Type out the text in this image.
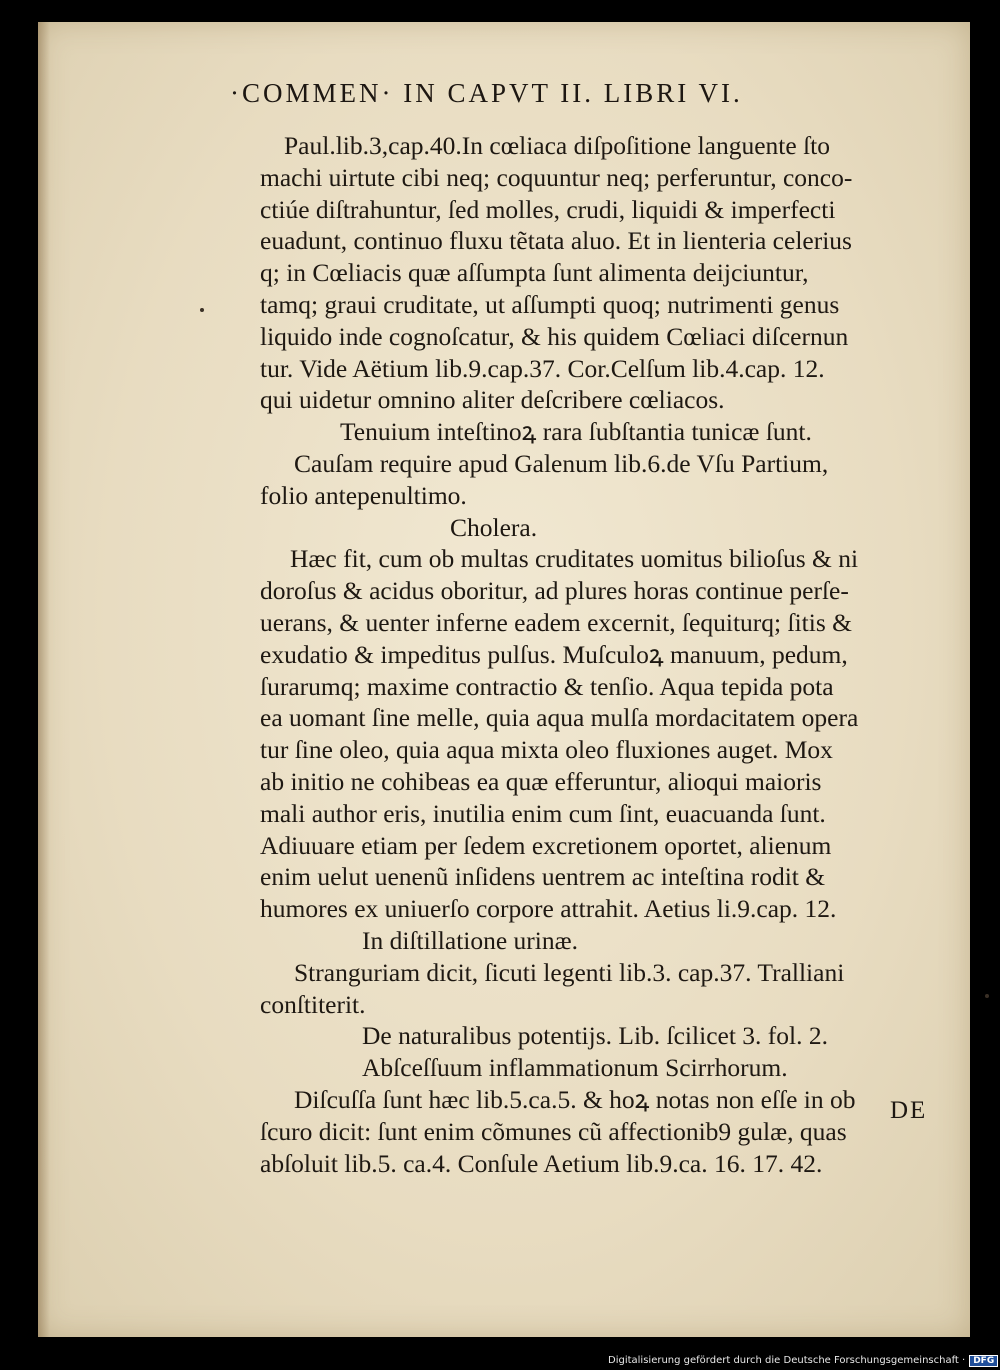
·COMMEN· IN CAPVT II. LIBRI VI.
Paul.lib.3,cap.40.In cœliaca diſpoſitione languente ſto
machi uirtute cibi neq; coquuntur neq; perferuntur, conco-
ctiúe diſtrahuntur, ſed molles, crudi, liquidi & imperfecti
euadunt, continuo fluxu tẽtata aluo. Et in lienteria celerius
q; in Cœliacis quæ aſſumpta ſunt alimenta deijciuntur,
tamq; graui cruditate, ut aſſumpti quoq; nutrimenti genus
liquido inde cognoſcatur, & his quidem Cœliaci diſcernun
tur. Vide Aëtium lib.9.cap.37. Cor.Celſum lib.4.cap. 12.
qui uidetur omnino aliter deſcribere cœliacos.
Tenuium inteſtinoꝝ rara ſubſtantia tunicæ ſunt.
Cauſam require apud Galenum lib.6.de Vſu Partium,
folio antepenultimo.
Cholera.
Hæc fit, cum ob multas cruditates uomitus bilioſus & ni
doroſus & acidus oboritur, ad plures horas continue perſe-
uerans, & uenter inferne eadem excernit, ſequiturq; ſitis &
exudatio & impeditus pulſus. Muſculoꝝ manuum, pedum,
ſurarumq; maxime contractio & tenſio. Aqua tepida pota
ea uomant ſine melle, quia aqua mulſa mordacitatem opera
tur ſine oleo, quia aqua mixta oleo fluxiones auget. Mox
ab initio ne cohibeas ea quæ efferuntur, alioqui maioris
mali author eris, inutilia enim cum ſint, euacuanda ſunt.
Adiuuare etiam per ſedem excretionem oportet, alienum
enim uelut uenenũ inſidens uentrem ac inteſtina rodit &
humores ex uniuerſo corpore attrahit. Aetius li.9.cap. 12.
In diſtillatione urinæ.
Stranguriam dicit, ſicuti legenti lib.3. cap.37. Tralliani
conſtiterit.
De naturalibus potentijs. Lib. ſcilicet 3. fol. 2.
Abſceſſuum inflammationum Scirrhorum.
Diſcuſſa ſunt hæc lib.5.ca.5. & hoꝝ notas non eſſe in ob
ſcuro dicit: ſunt enim cõmunes cũ affectionib9 gulæ, quas
abſoluit lib.5. ca.4. Conſule Aetium lib.9.ca. 16. 17. 42.
DE
Digitalisierung gefördert durch die Deutsche Forschungsgemeinschaft · DFG
